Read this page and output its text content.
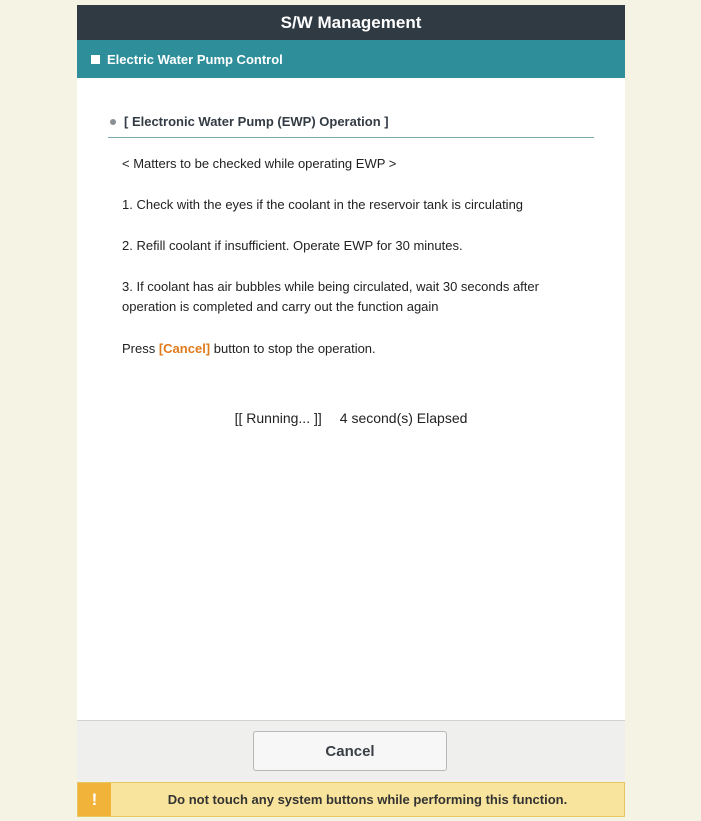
S/W Management
Electric Water Pump Control
[ Electronic Water Pump (EWP) Operation ]
< Matters to be checked while operating EWP >
1. Check with the eyes if the coolant in the reservoir tank is circulating
2. Refill coolant if insufficient. Operate EWP for 30 minutes.
3. If coolant has air bubbles while being circulated, wait 30 seconds after operation is completed and carry out the function again
Press [Cancel] button to stop the operation.
[[ Running... ]] 4 second(s) Elapsed
Cancel
!	Do not touch any system buttons while performing this function.
